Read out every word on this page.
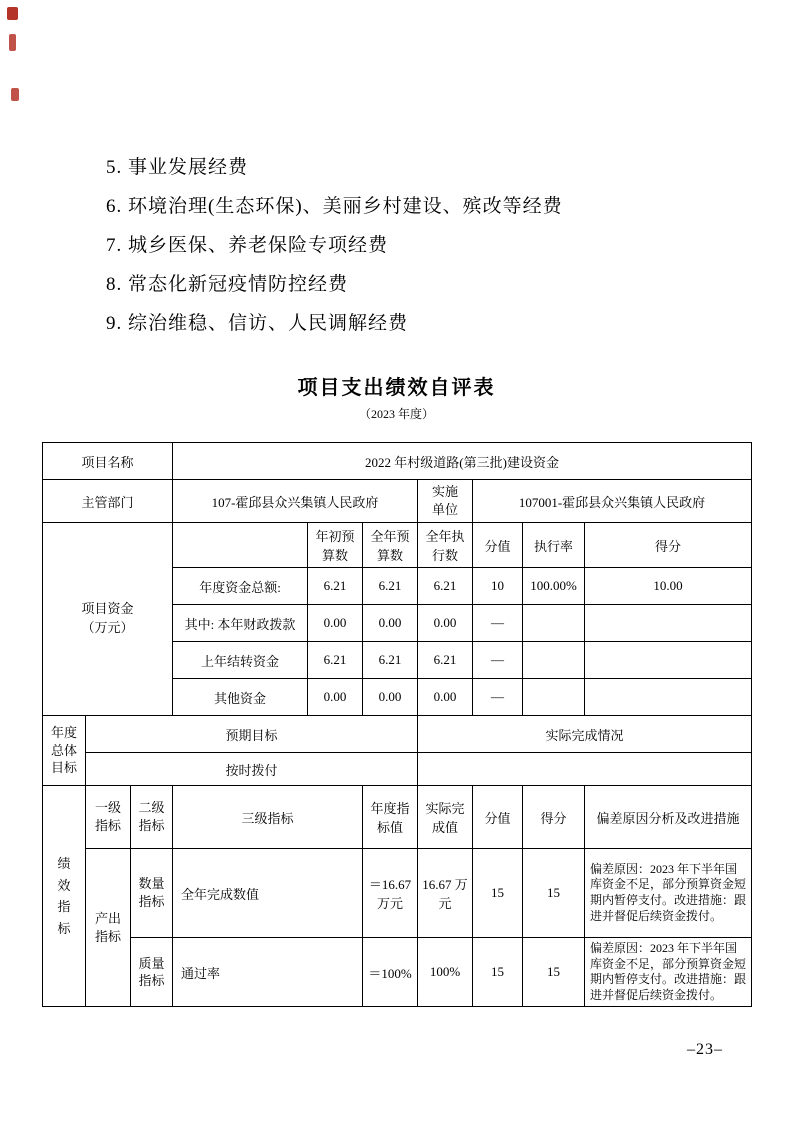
5. 事业发展经费
6. 环境治理(生态环保)、美丽乡村建设、殡改等经费
7. 城乡医保、养老保险专项经费
8. 常态化新冠疫情防控经费
9. 综治维稳、信访、人民调解经费
项目支出绩效自评表
（2023 年度）
项目名称			2022 年村级道路(第三批)建设资金						
主管部门			107-霍邱县众兴集镇人民政府			实施单位	107001-霍邱县众兴集镇人民政府		

项目资金（万元）				年初预算数	全年预算数	全年执行数	分值	执行率	得分
			年度资金总额:	6.21	6.21	6.21	10	100.00%	10.00
			其中: 本年财政拨款	0.00	0.00	0.00	—		
			上年结转资金	6.21	6.21	6.21	—		
			其他资金	0.00	0.00	0.00	—		

年度总体目标	预期目标					实际完成情况			
	按时拨付								

绩效指标	一级指标	二级指标	三级指标		年度指标值	实际完成值	分值	得分	偏差原因分析及改进措施

	产出指标	数量指标	全年完成数值		＝16.67 万元	16.67 万元	15	15	偏差原因：2023 年下半年国库资金不足，部分预算资金短期内暂停支付。改进措施：跟进并督促后续资金拨付。

		质量指标	通过率		＝100%	100%	15	15	偏差原因：2023 年下半年国库资金不足，部分预算资金短期内暂停支付。改进措施：跟进并督促后续资金拨付。
–23–
